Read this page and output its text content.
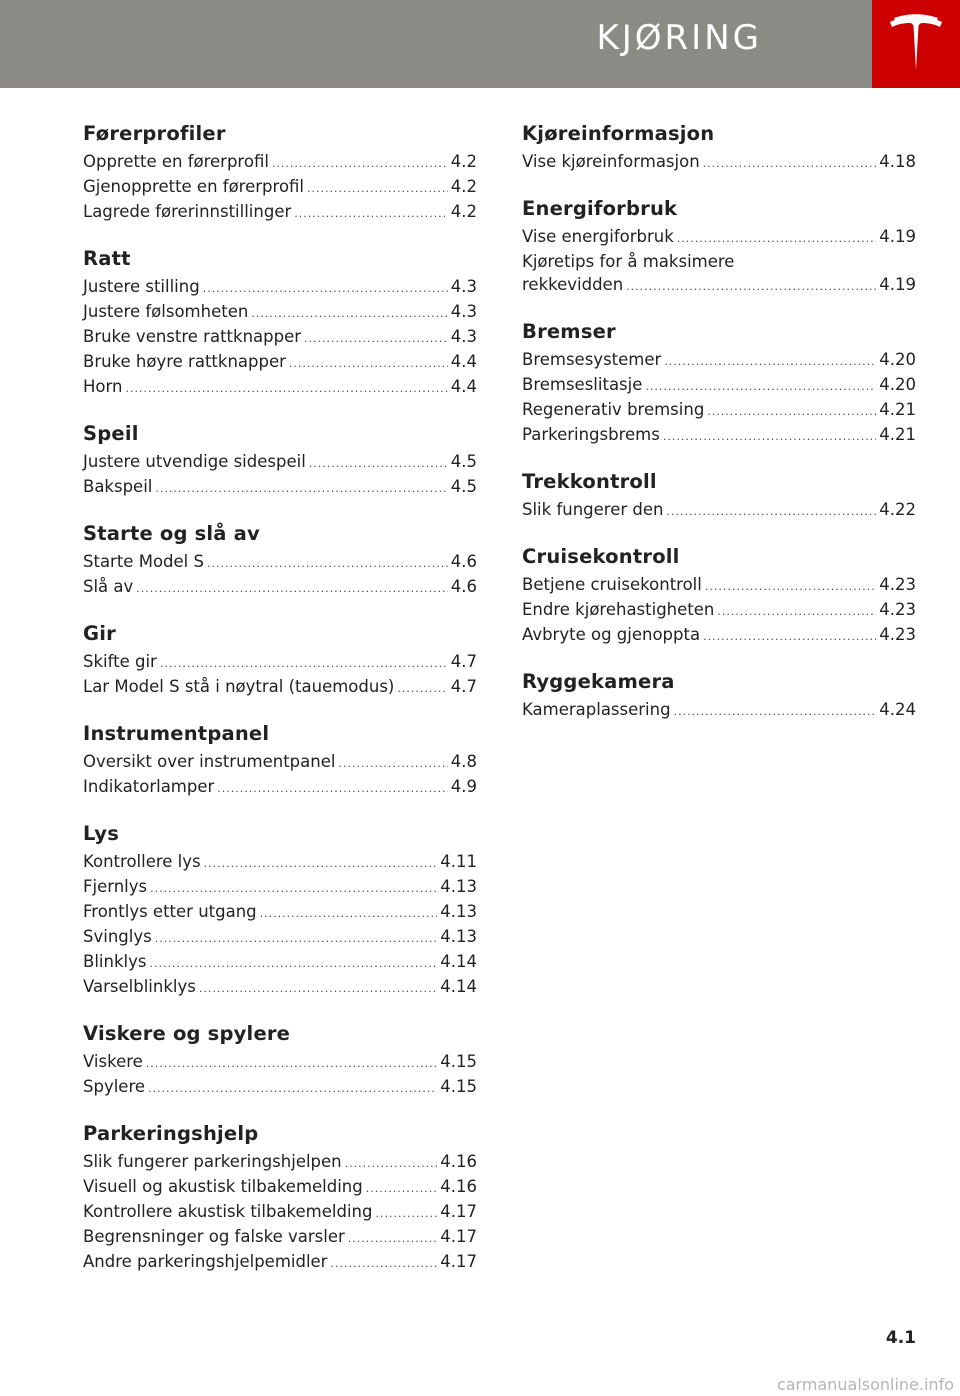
KJØRING
Førerprofiler
Opprette en førerprofil .....	4.2
Gjenopprette en førerprofil .....	4.2
Lagrede førerinnstillinger .....	4.2
Ratt
Justere stilling .....	4.3
Justere følsomheten .....	4.3
Bruke venstre rattknapper .....	4.3
Bruke høyre rattknapper .....	4.4
Horn .....	4.4
Speil
Justere utvendige sidespeil .....	4.5
Bakspeil .....	4.5
Starte og slå av
Starte Model S .....	4.6
Slå av .....	4.6
Gir
Skifte gir .....	4.7
Lar Model S stå i nøytral (tauemodus) .....	4.7
Instrumentpanel
Oversikt over instrumentpanel .....	4.8
Indikatorlamper .....	4.9
Lys
Kontrollere lys .....	4.11
Fjernlys .....	4.13
Frontlys etter utgang .....	4.13
Svinglys .....	4.13
Blinklys .....	4.14
Varselblinklys .....	4.14
Viskere og spylere
Viskere .....	4.15
Spylere .....	4.15
Parkeringshjelp
Slik fungerer parkeringshjelpen .....	4.16
Visuell og akustisk tilbakemelding .....	4.16
Kontrollere akustisk tilbakemelding .....	4.17
Begrensninger og falske varsler .....	4.17
Andre parkeringshjelpemidler .....	4.17
Kjøreinformasjon
Vise kjøreinformasjon .....	4.18
Energiforbruk
Vise energiforbruk .....	4.19
Kjøretips for å maksimere
rekkevidden .....	4.19
Bremser
Bremsesystemer .....	4.20
Bremseslitasje .....	4.20
Regenerativ bremsing .....	4.21
Parkeringsbrems .....	4.21
Trekkontroll
Slik fungerer den .....	4.22
Cruisekontroll
Betjene cruisekontroll .....	4.23
Endre kjørehastigheten .....	4.23
Avbryte og gjenoppta .....	4.23
Ryggekamera
Kameraplassering .....	4.24
4.1
carmanualsonline.info
